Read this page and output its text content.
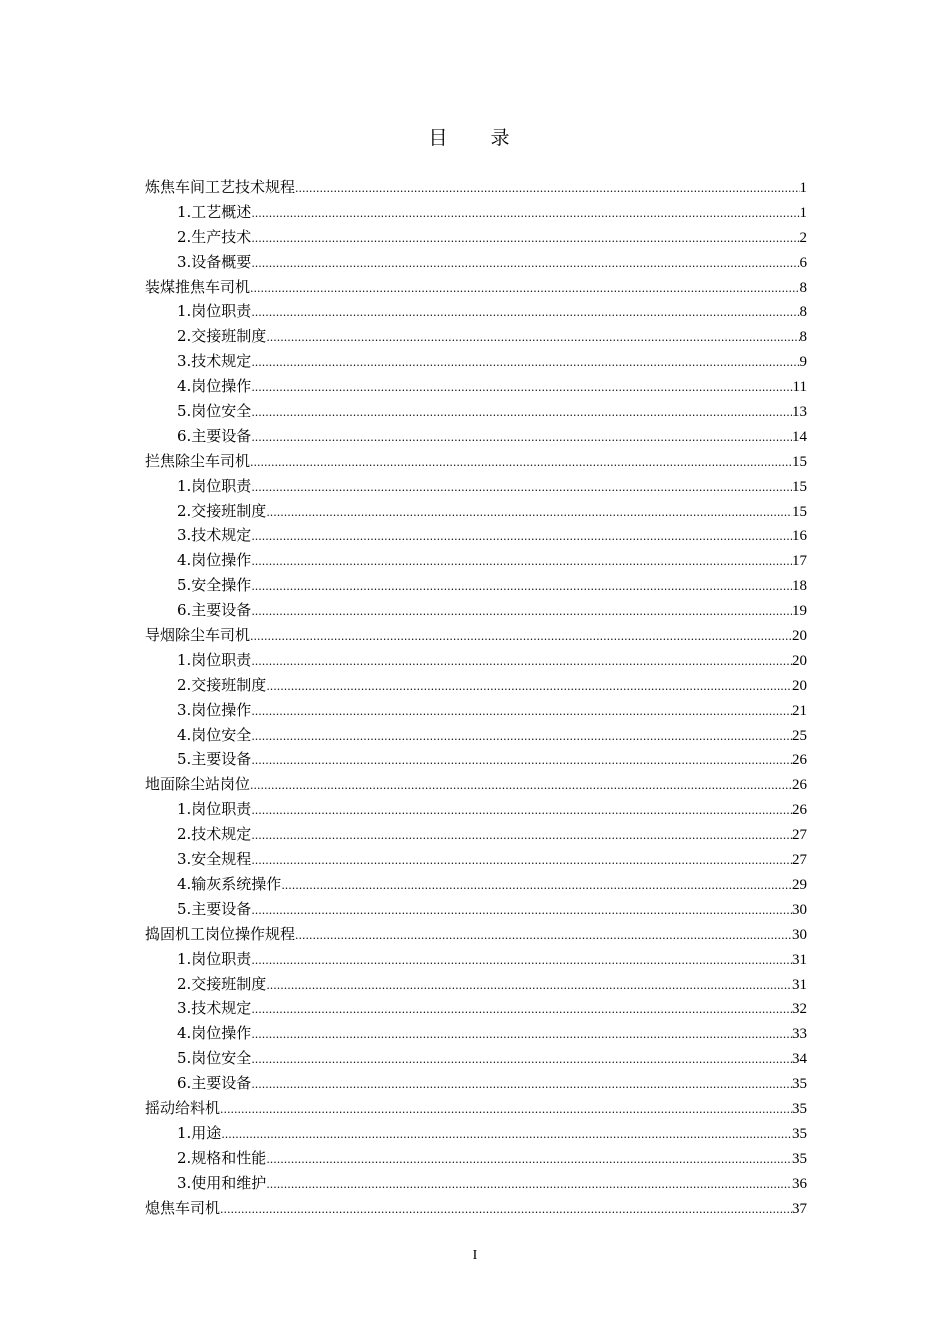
目　录
炼焦车间工艺技术规程 .....	1
1.工艺概述 .....	1
2.生产技术 .....	2
3.设备概要 .....	6
装煤推焦车司机 .....	8
1.岗位职责 .....	8
2.交接班制度 .....	8
3.技术规定 .....	9
4.岗位操作 .....	11
5.岗位安全 .....	13
6.主要设备 .....	14
拦焦除尘车司机 .....	15
1.岗位职责 .....	15
2.交接班制度 .....	15
3.技术规定 .....	16
4.岗位操作 .....	17
5.安全操作 .....	18
6.主要设备 .....	19
导烟除尘车司机 .....	20
1.岗位职责 .....	20
2.交接班制度 .....	20
3.岗位操作 .....	21
4.岗位安全 .....	25
5.主要设备 .....	26
地面除尘站岗位 .....	26
1.岗位职责 .....	26
2.技术规定 .....	27
3.安全规程 .....	27
4.输灰系统操作 .....	29
5.主要设备 .....	30
捣固机工岗位操作规程 .....	30
1.岗位职责 .....	31
2.交接班制度 .....	31
3.技术规定 .....	32
4.岗位操作 .....	33
5.岗位安全 .....	34
6.主要设备 .....	35
摇动给料机 .....	35
1.用途 .....	35
2.规格和性能 .....	35
3.使用和维护 .....	36
熄焦车司机 .....	37
I
